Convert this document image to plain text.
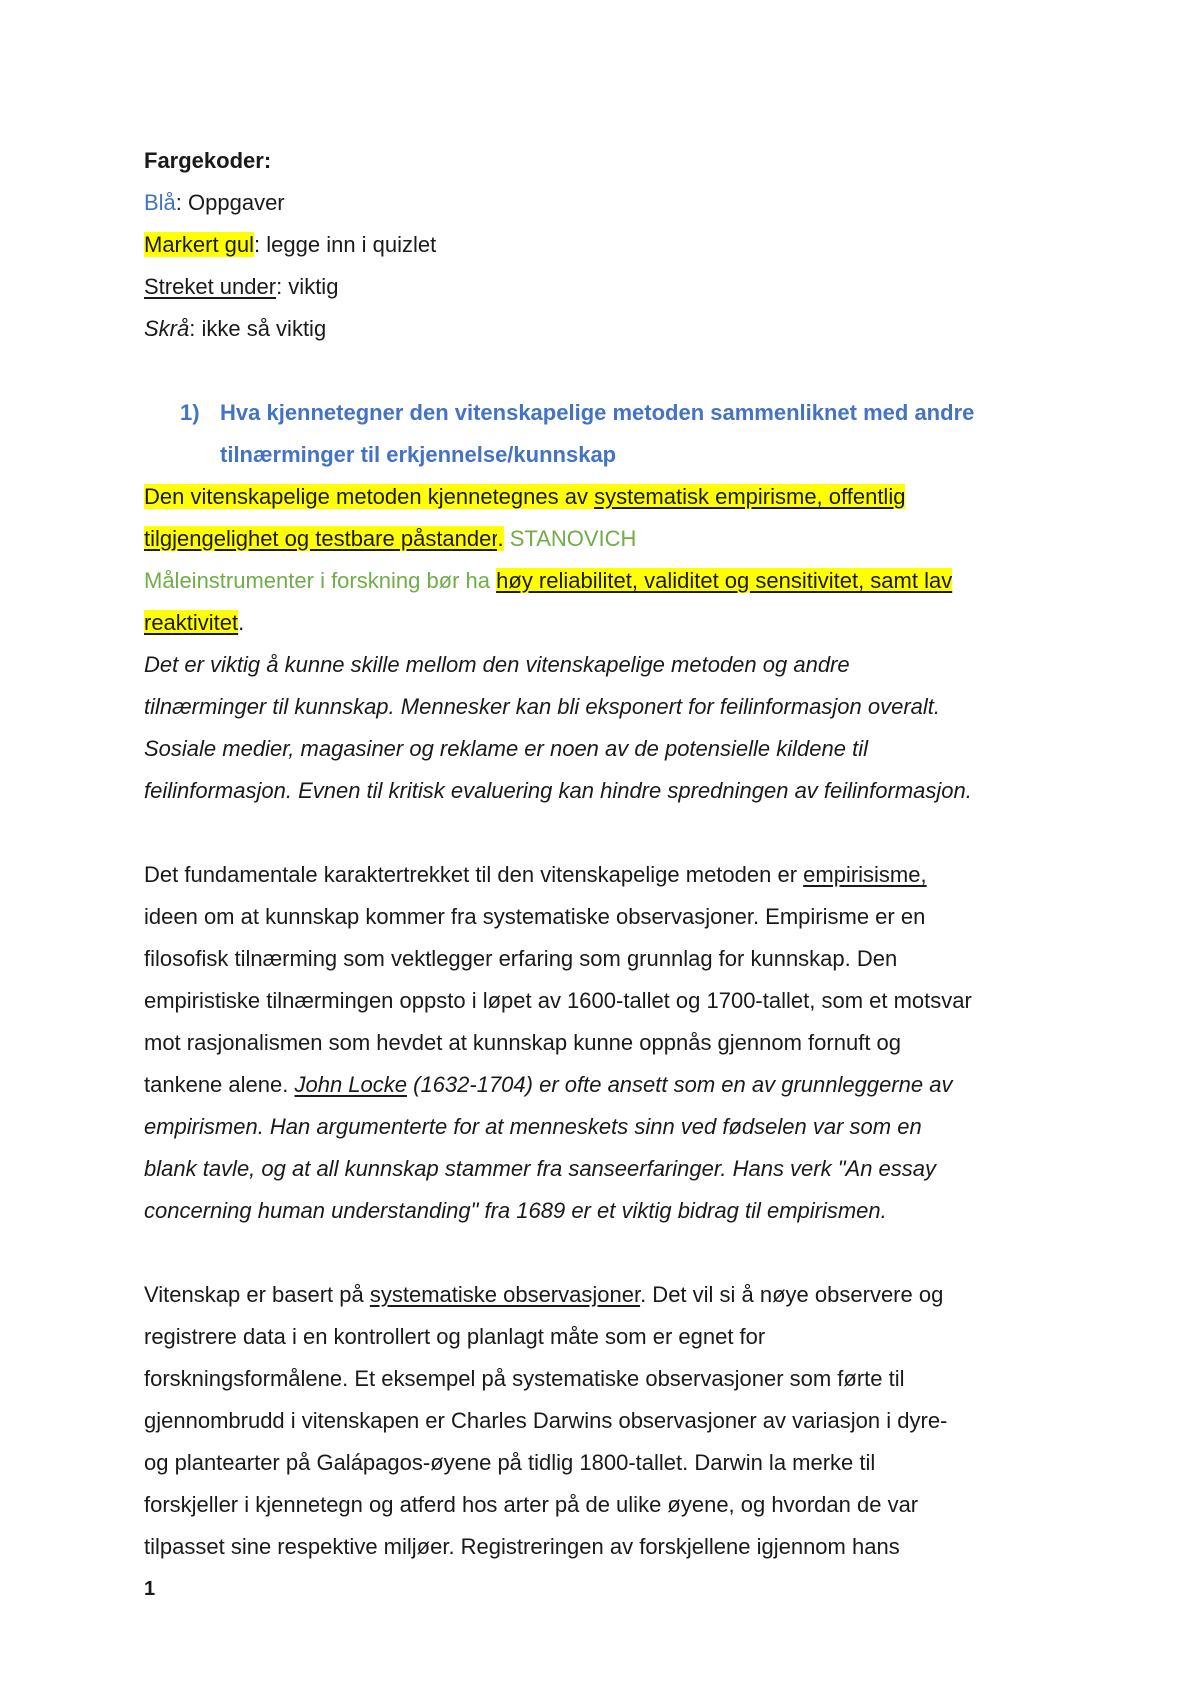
Fargekoder:
Blå: Oppgaver
Markert gul: legge inn i quizlet
Streket under: viktig
Skrå: ikke så viktig
1) Hva kjennetegner den vitenskapelige metoden sammenliknet med andre
tilnærminger til erkjennelse/kunnskap
Den vitenskapelige metoden kjennetegnes av systematisk empirisme, offentlig
tilgjengelighet og testbare påstander. STANOVICH
Måleinstrumenter i forskning bør ha høy reliabilitet, validitet og sensitivitet, samt lav
reaktivitet.
Det er viktig å kunne skille mellom den vitenskapelige metoden og andre
tilnærminger til kunnskap. Mennesker kan bli eksponert for feilinformasjon overalt.
Sosiale medier, magasiner og reklame er noen av de potensielle kildene til
feilinformasjon. Evnen til kritisk evaluering kan hindre spredningen av feilinformasjon.
Det fundamentale karaktertrekket til den vitenskapelige metoden er empirisisme,
ideen om at kunnskap kommer fra systematiske observasjoner. Empirisme er en
filosofisk tilnærming som vektlegger erfaring som grunnlag for kunnskap. Den
empiristiske tilnærmingen oppsto i løpet av 1600-tallet og 1700-tallet, som et motsvar
mot rasjonalismen som hevdet at kunnskap kunne oppnås gjennom fornuft og
tankene alene. John Locke (1632-1704) er ofte ansett som en av grunnleggerne av
empirismen. Han argumenterte for at menneskets sinn ved fødselen var som en
blank tavle, og at all kunnskap stammer fra sanseerfaringer. Hans verk "An essay
concerning human understanding" fra 1689 er et viktig bidrag til empirismen.
Vitenskap er basert på systematiske observasjoner. Det vil si å nøye observere og
registrere data i en kontrollert og planlagt måte som er egnet for
forskningsformålene. Et eksempel på systematiske observasjoner som førte til
gjennombrudd i vitenskapen er Charles Darwins observasjoner av variasjon i dyre-
og plantearter på Galápagos-øyene på tidlig 1800-tallet. Darwin la merke til
forskjeller i kjennetegn og atferd hos arter på de ulike øyene, og hvordan de var
tilpasset sine respektive miljøer. Registreringen av forskjellene igjennom hans
1
